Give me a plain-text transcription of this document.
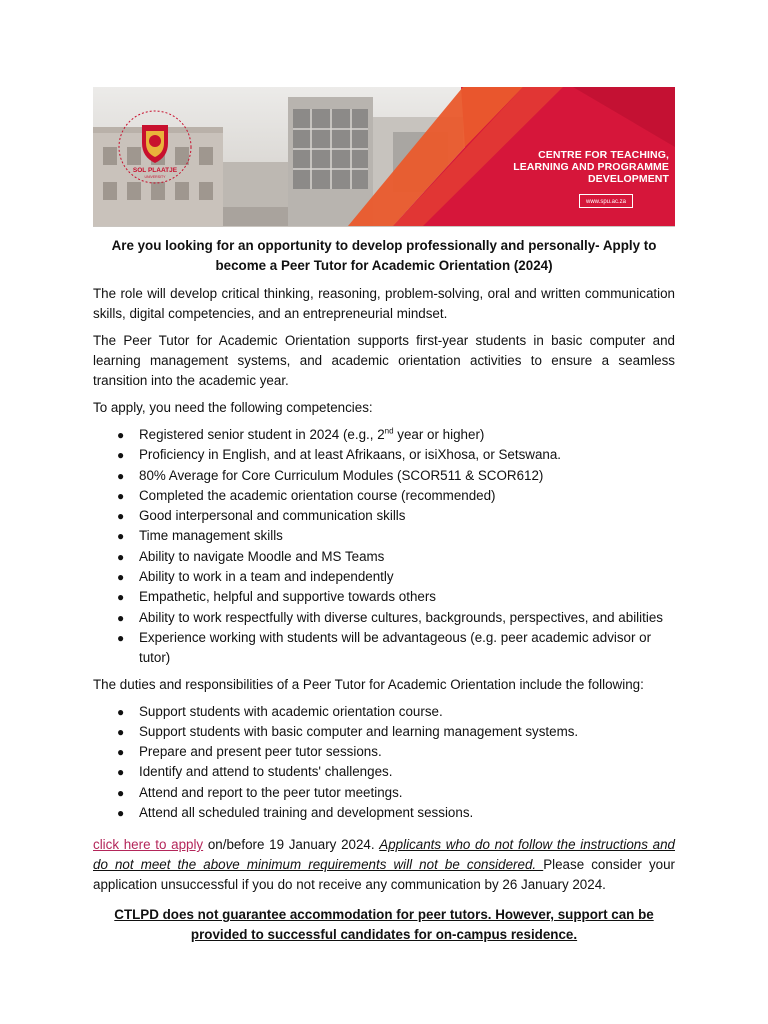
SOL PLAATJE
UNIVERSITY
CENTRE FOR TEACHING,
LEARNING AND PROGRAMME
DEVELOPMENT
www.spu.ac.za
Are you looking for an opportunity to develop professionally and personally- Apply to become a Peer Tutor for Academic Orientation (2024)

The role will develop critical thinking, reasoning, problem-solving, oral and written communication skills, digital competencies, and an entrepreneurial mindset.

The Peer Tutor for Academic Orientation supports first-year students in basic computer and learning management systems, and academic orientation activities to ensure a seamless transition into the academic year.

To apply, you need the following competencies:

● Registered senior student in 2024 (e.g., 2nd year or higher)
● Proficiency in English, and at least Afrikaans, or isiXhosa, or Setswana.
● 80% Average for Core Curriculum Modules (SCOR511 & SCOR612)
● Completed the academic orientation course (recommended)
● Good interpersonal and communication skills
● Time management skills
● Ability to navigate Moodle and MS Teams
● Ability to work in a team and independently
● Empathetic, helpful and supportive towards others
● Ability to work respectfully with diverse cultures, backgrounds, perspectives, and abilities
● Experience working with students will be advantageous (e.g. peer academic advisor or tutor)

The duties and responsibilities of a Peer Tutor for Academic Orientation include the following:

● Support students with academic orientation course.
● Support students with basic computer and learning management systems.
● Prepare and present peer tutor sessions.
● Identify and attend to students' challenges.
● Attend and report to the peer tutor meetings.
● Attend all scheduled training and development sessions.

click here to apply on/before 19 January 2024. Applicants who do not follow the instructions and do not meet the above minimum requirements will not be considered. Please consider your application unsuccessful if you do not receive any communication by 26 January 2024.

CTLPD does not guarantee accommodation for peer tutors. However, support can be provided to successful candidates for on-campus residence.
